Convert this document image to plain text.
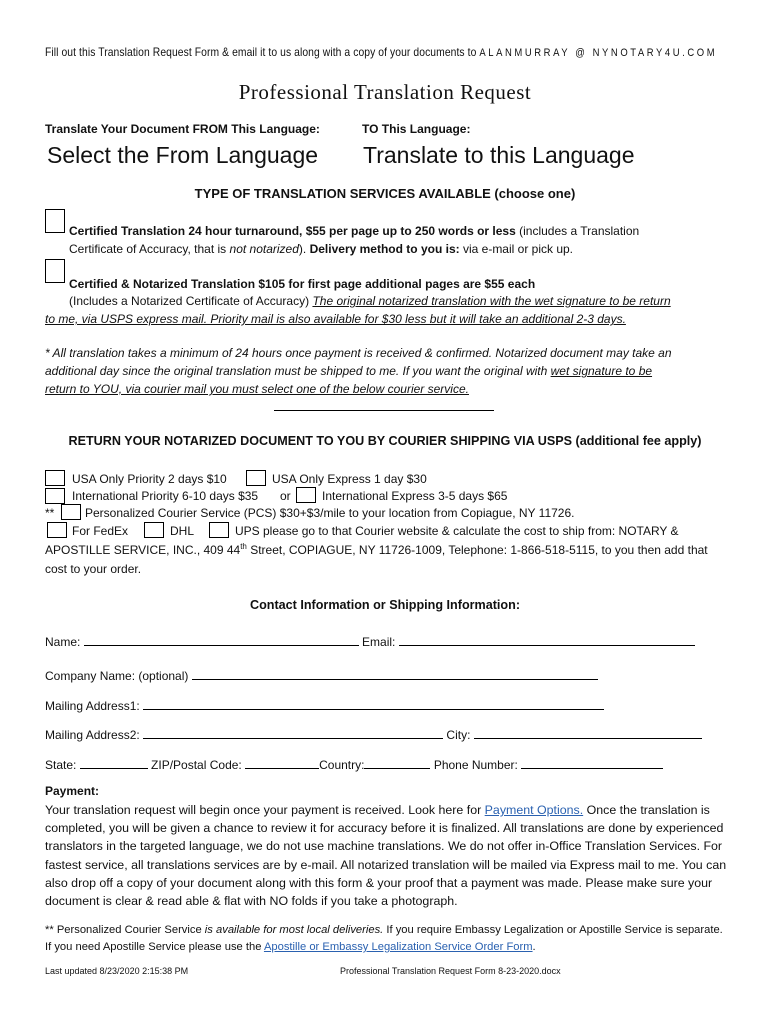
Fill out this Translation Request Form & email it to us along with a copy of your documents to ALANMURRAY @ NYNOTARY4U.COM
Professional Translation Request
Translate Your Document FROM This Language:	TO This Language:
Select the From Language Translate to this Language
TYPE OF TRANSLATION SERVICES AVAILABLE (choose one)
Certified Translation 24 hour turnaround, $55 per page up to 250 words or less (includes a Translation
Certificate of Accuracy, that is not notarized). Delivery method to you is: via e-mail or pick up.
Certified & Notarized Translation $105 for first page additional pages are $55 each
(Includes a Notarized Certificate of Accuracy) The original notarized translation with the wet signature to be return
to me, via USPS express mail. Priority mail is also available for $30 less but it will take an additional 2-3 days.
* All translation takes a minimum of 24 hours once payment is received & confirmed. Notarized document may take an
additional day since the original translation must be shipped to me. If you want the original with wet signature to be
return to YOU, via courier mail you must select one of the below courier service.
RETURN YOUR NOTARIZED DOCUMENT TO YOU BY COURIER SHIPPING VIA USPS (additional fee apply)
USA Only Priority 2 days $10	USA Only Express 1 day $30
International Priority 6-10 days $35 or	International Express 3-5 days $65
**	Personalized Courier Service (PCS) $30+$3/mile to your location from Copiague, NY 11726.
For FedEx	DHL	UPS please go to that Courier website & calculate the cost to ship from: NOTARY &
APOSTILLE SERVICE, INC., 409 44th Street, COPIAGUE, NY 11726-1009, Telephone: 1-866-518-5115, to you then add that
cost to your order.
Contact Information or Shipping Information:
Name:	Email:
Company Name: (optional)
Mailing Address1:
Mailing Address2:	City:
State:	ZIP/Postal Code:	Country:	Phone Number:
Payment:
Your translation request will begin once your payment is received. Look here for Payment Options. Once the translation is completed, you will be given a chance to review it for accuracy before it is finalized. All translations are done by experienced translators in the targeted language, we do not use machine translations. We do not offer in-Office Translation Services. For fastest service, all translations services are by e-mail. All notarized translation will be mailed via Express mail to me. You can also drop off a copy of your document along with this form & your proof that a payment was made. Please make sure your document is clear & read able & flat with NO folds if you take a photograph.
** Personalized Courier Service is available for most local deliveries. If you require Embassy Legalization or Apostille Service is separate. If you need Apostille Service please use the Apostille or Embassy Legalization Service Order Form.
Last updated 8/23/2020 2:15:38 PM	Professional Translation Request Form 8-23-2020.docx
